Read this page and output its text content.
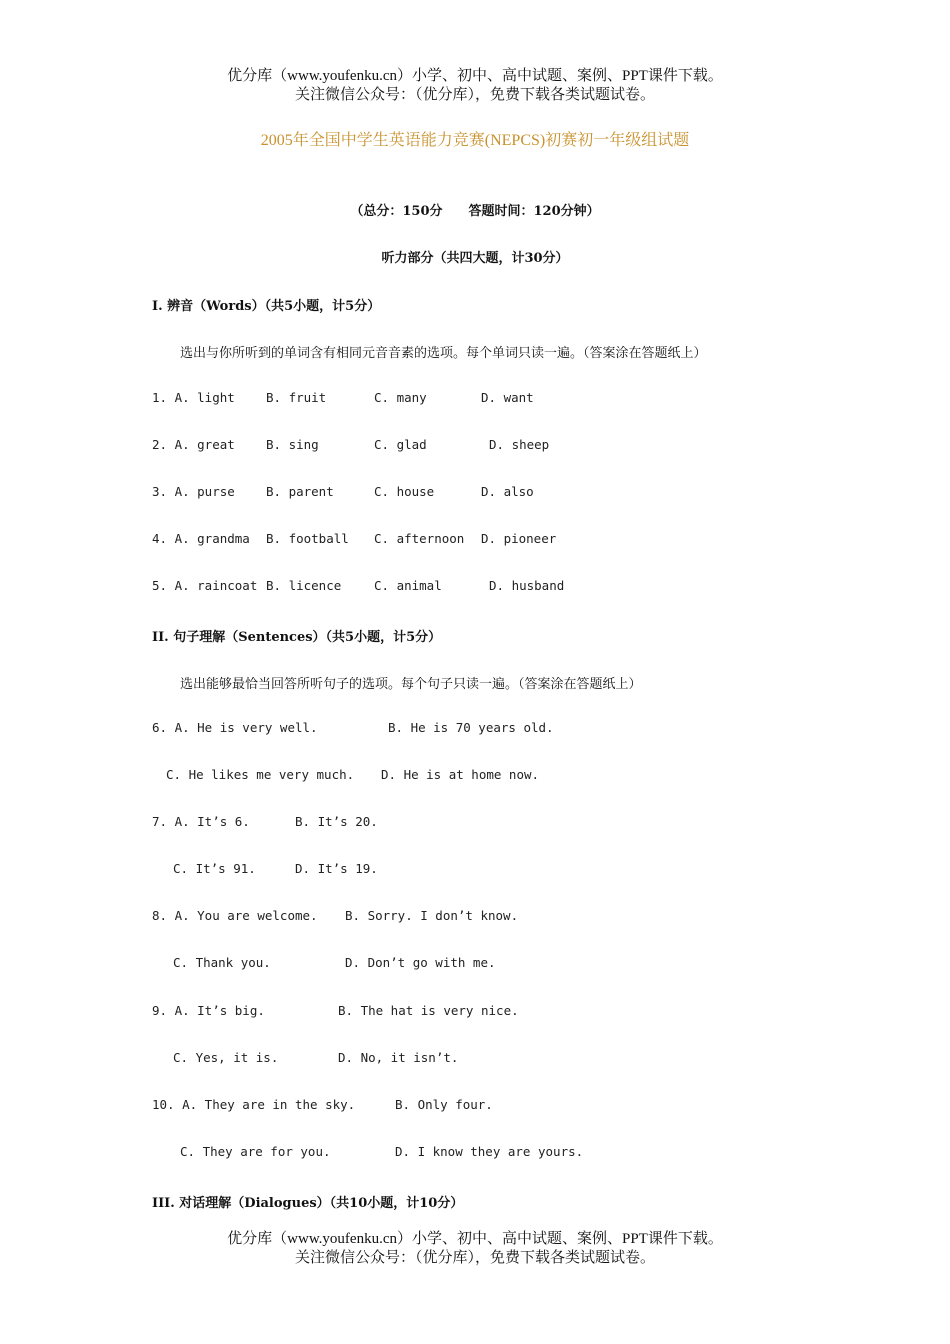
优分库（www.youfenku.cn）小学、初中、高中试题、案例、PPT课件下载。
关注微信公众号：（优分库），免费下载各类试题试卷。
2005年全国中学生英语能力竞赛(NEPCS)初赛初一年级组试题
（总分：150分　　答题时间：120分钟）
听力部分（共四大题，计30分）
I. 辨音（Words）（共5小题，计5分）
选出与你所听到的单词含有相同元音音素的选项。每个单词只读一遍。（答案涂在答题纸上）
1. A. light B. fruit	C. many	D. want
2. A. great B. sing	C. glad	D. sheep
3. A. purse B. parent	C. house	D. also
4. A. grandma B. football C. afternoon D. pioneer
5. A. raincoat B. licence	C. animal	D. husband
II. 句子理解（Sentences）（共5小题，计5分）
选出能够最恰当回答所听句子的选项。每个句子只读一遍。（答案涂在答题纸上）
6. A. He is very well.	B. He is 70 years old.
C. He likes me very much. D. He is at home now.
7. A. It’s 6.	B. It’s 20.
C. It’s 91.	D. It’s 19.
8. A. You are welcome. B. Sorry. I don’t know.
C. Thank you.	D. Don’t go with me.
9. A. It’s big.	B. The hat is very nice.
C. Yes, it is.	D. No, it isn’t.
10. A. They are in the sky.	B. Only four.
C. They are for you.	D. I know they are yours.
III. 对话理解（Dialogues）（共10小题，计10分）
优分库（www.youfenku.cn）小学、初中、高中试题、案例、PPT课件下载。
关注微信公众号：（优分库），免费下载各类试题试卷。
